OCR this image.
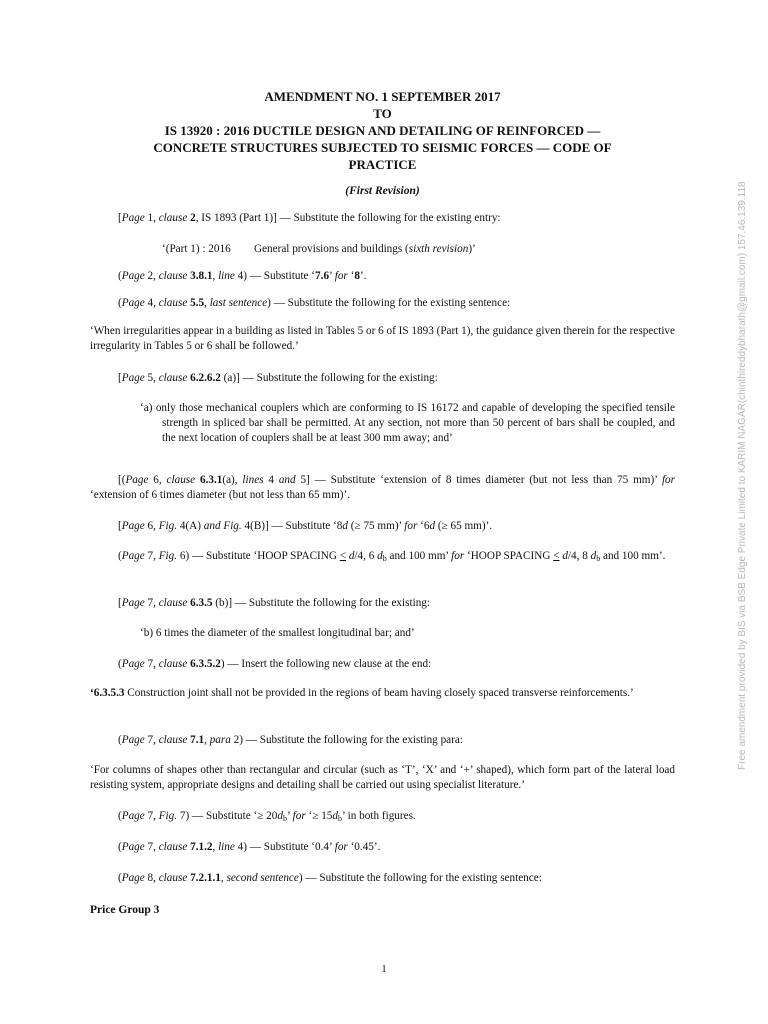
AMENDMENT NO. 1 SEPTEMBER 2017
TO
IS 13920 : 2016 DUCTILE DESIGN AND DETAILING OF REINFORCED —
CONCRETE STRUCTURES SUBJECTED TO SEISMIC FORCES — CODE OF
PRACTICE
(First Revision)
[Page 1, clause 2, IS 1893 (Part 1)] — Substitute the following for the existing entry:
‘(Part 1) : 2016 General provisions and buildings (sixth revision)’
(Page 2, clause 3.8.1, line 4) — Substitute ‘7.6’ for ‘8’.
(Page 4, clause 5.5, last sentence) — Substitute the following for the existing sentence:
‘When irregularities appear in a building as listed in Tables 5 or 6 of IS 1893 (Part 1), the guidance given therein for the respective irregularity in Tables 5 or 6 shall be followed.’
[Page 5, clause 6.2.6.2 (a)] — Substitute the following for the existing:
‘a) only those mechanical couplers which are conforming to IS 16172 and capable of developing the specified tensile strength in spliced bar shall be permitted. At any section, not more than 50 percent of bars shall be coupled, and the next location of couplers shall be at least 300 mm away; and’
[(Page 6, clause 6.3.1(a), lines 4 and 5] — Substitute ‘extension of 8 times diameter (but not less than 75 mm)’ for ‘extension of 6 times diameter (but not less than 65 mm)’.
[Page 6, Fig. 4(A) and Fig. 4(B)] — Substitute ‘8d (≥ 75 mm)’ for ‘6d (≥ 65 mm)’.
(Page 7, Fig. 6) — Substitute ‘HOOP SPACING < d/4, 6 $d_b$ and 100 mm’ for ‘HOOP SPACING < d/4, 8 $d_b$ and 100 mm’.
[Page 7, clause 6.3.5 (b)] — Substitute the following for the existing:
‘b) 6 times the diameter of the smallest longitudinal bar; and’
(Page 7, clause 6.3.5.2) — Insert the following new clause at the end:
‘6.3.5.3 Construction joint shall not be provided in the regions of beam having closely spaced transverse reinforcements.’
(Page 7, clause 7.1, para 2) — Substitute the following for the existing para:
‘For columns of shapes other than rectangular and circular (such as ‘T’, ‘X’ and ‘+’ shaped), which form part of the lateral load resisting system, appropriate designs and detailing shall be carried out using specialist literature.’
(Page 7, Fig. 7) — Substitute ‘≥ $20d_b$’ for ‘≥ $15d_b$’ in both figures.
(Page 7, clause 7.1.2, line 4) — Substitute ‘0.4’ for ‘0.45’.
(Page 8, clause 7.2.1.1, second sentence) — Substitute the following for the existing sentence:
Price Group 3
1
Free amendment provided by BIS via BSB Edge Private Limited to KARIM NAGAR(chinthireddybharath@gmail.com) 157.46.139.118
